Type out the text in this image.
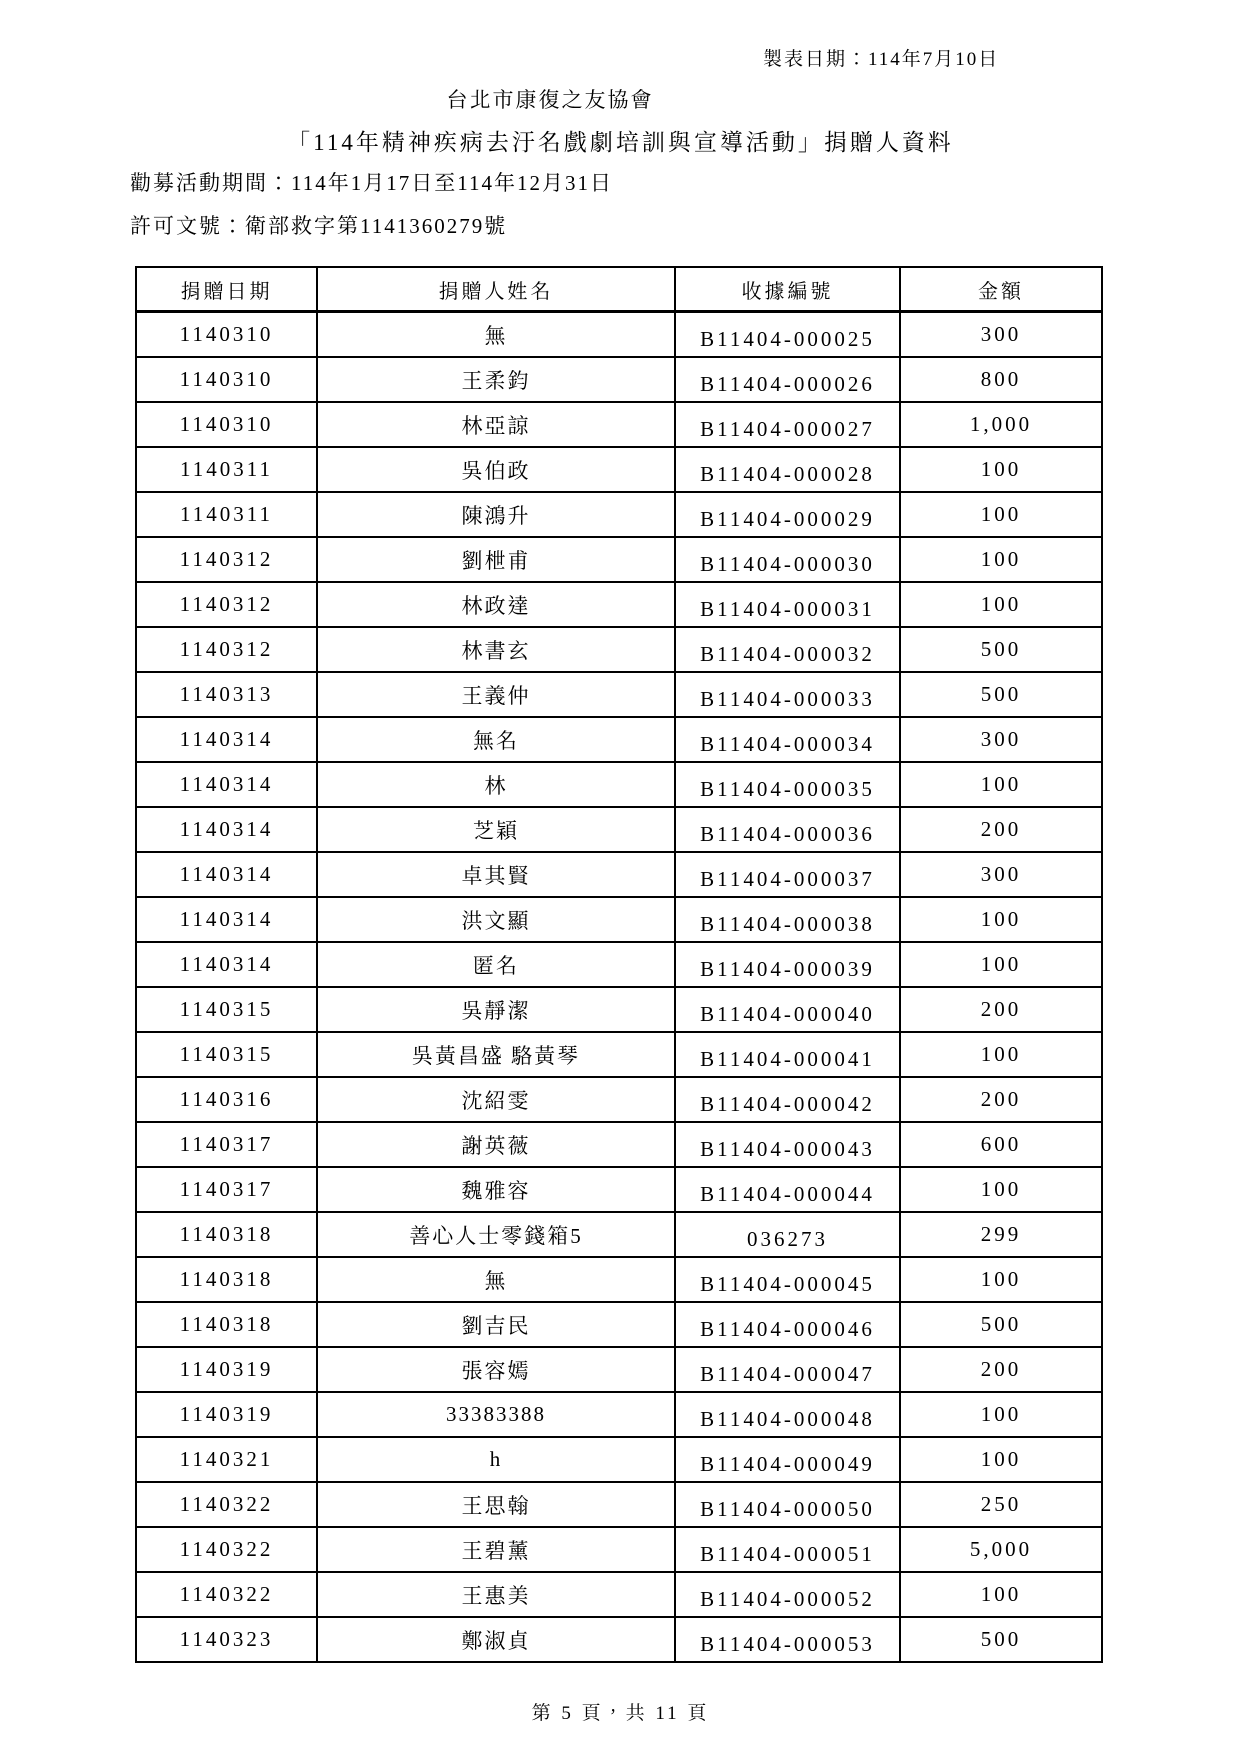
製表日期：114年7月10日
台北市康復之友協會
「114年精神疾病去汙名戲劇培訓與宣導活動」捐贈人資料
勸募活動期間：114年1月17日至114年12月31日
許可文號：衛部救字第1141360279號
捐贈日期	捐贈人姓名	收據編號	金額
1140310	無	B11404-000025	300
1140310	王柔鈞	B11404-000026	800
1140310	林亞諒	B11404-000027	1,000
1140311	吳伯政	B11404-000028	100
1140311	陳鴻升	B11404-000029	100
1140312	劉枻甫	B11404-000030	100
1140312	林政達	B11404-000031	100
1140312	林書玄	B11404-000032	500
1140313	王義仲	B11404-000033	500
1140314	無名	B11404-000034	300
1140314	林	B11404-000035	100
1140314	芝穎	B11404-000036	200
1140314	卓其賢	B11404-000037	300
1140314	洪文顯	B11404-000038	100
1140314	匿名	B11404-000039	100
1140315	吳靜潔	B11404-000040	200
1140315	吳黃昌盛 駱黃琴	B11404-000041	100
1140316	沈紹雯	B11404-000042	200
1140317	謝英薇	B11404-000043	600
1140317	魏雅容	B11404-000044	100
1140318	善心人士零錢箱5	036273	299
1140318	無	B11404-000045	100
1140318	劉吉民	B11404-000046	500
1140319	張容嫣	B11404-000047	200
1140319	33383388	B11404-000048	100
1140321	h	B11404-000049	100
1140322	王思翰	B11404-000050	250
1140322	王碧薰	B11404-000051	5,000
1140322	王惠美	B11404-000052	100
1140323	鄭淑貞	B11404-000053	500
第 5 頁，共 11 頁
